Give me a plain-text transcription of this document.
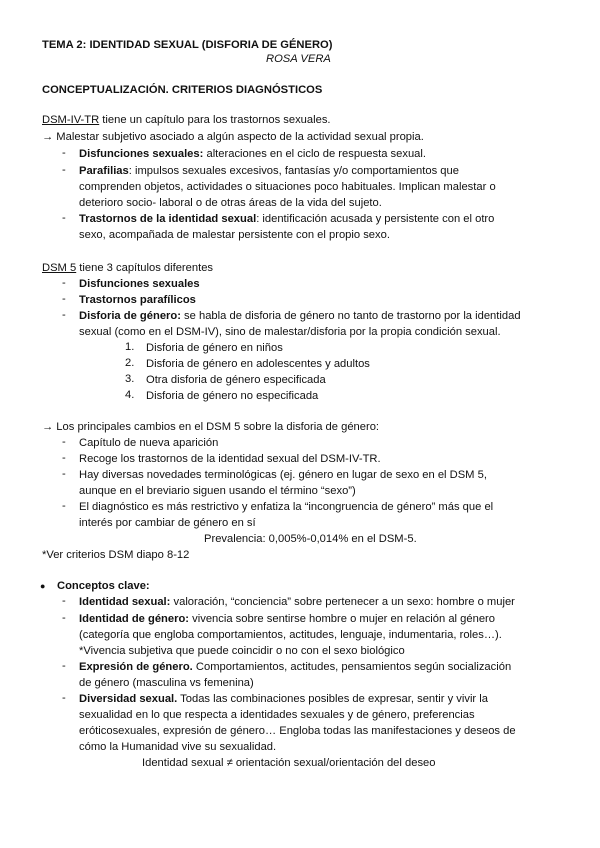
TEMA 2: IDENTIDAD SEXUAL (DISFORIA DE GÉNERO)
ROSA VERA
CONCEPTUALIZACIÓN. CRITERIOS DIAGNÓSTICOS
DSM-IV-TR tiene un capítulo para los trastornos sexuales.
→ Malestar subjetivo asociado a algún aspecto de la actividad sexual propia.
- Disfunciones sexuales: alteraciones en el ciclo de respuesta sexual.
- Parafilias: impulsos sexuales excesivos, fantasías y/o comportamientos que
comprenden objetos, actividades o situaciones poco habituales. Implican malestar o
deterioro socio- laboral o de otras áreas de la vida del sujeto.
- Trastornos de la identidad sexual: identificación acusada y persistente con el otro
sexo, acompañada de malestar persistente con el propio sexo.
DSM 5 tiene 3 capítulos diferentes
- Disfunciones sexuales
- Trastornos parafílicos
- Disforia de género: se habla de disforia de género no tanto de trastorno por la identidad
sexual (como en el DSM-IV), sino de malestar/disforia por la propia condición sexual.
1. Disforia de género en niños
2. Disforia de género en adolescentes y adultos
3. Otra disforia de género especificada
4. Disforia de género no especificada
→ Los principales cambios en el DSM 5 sobre la disforia de género:
- Capítulo de nueva aparición
- Recoge los trastornos de la identidad sexual del DSM-IV-TR.
- Hay diversas novedades terminológicas (ej. género en lugar de sexo en el DSM 5,
aunque en el breviario siguen usando el término “sexo”)
- El diagnóstico es más restrictivo y enfatiza la “incongruencia de género” más que el
interés por cambiar de género en sí
Prevalencia: 0,005%-0,014% en el DSM-5.
*Ver criterios DSM diapo 8-12
● Conceptos clave:
- Identidad sexual: valoración, “conciencia” sobre pertenecer a un sexo: hombre o mujer
- Identidad de género: vivencia sobre sentirse hombre o mujer en relación al género
(categoría que engloba comportamientos, actitudes, lenguaje, indumentaria, roles…).
*Vivencia subjetiva que puede coincidir o no con el sexo biológico
- Expresión de género. Comportamientos, actitudes, pensamientos según socialización
de género (masculina vs femenina)
- Diversidad sexual. Todas las combinaciones posibles de expresar, sentir y vivir la
sexualidad en lo que respecta a identidades sexuales y de género, preferencias
eróticosexuales, expresión de género… Engloba todas las manifestaciones y deseos de
cómo la Humanidad vive su sexualidad.
Identidad sexual ≠ orientación sexual/orientación del deseo
